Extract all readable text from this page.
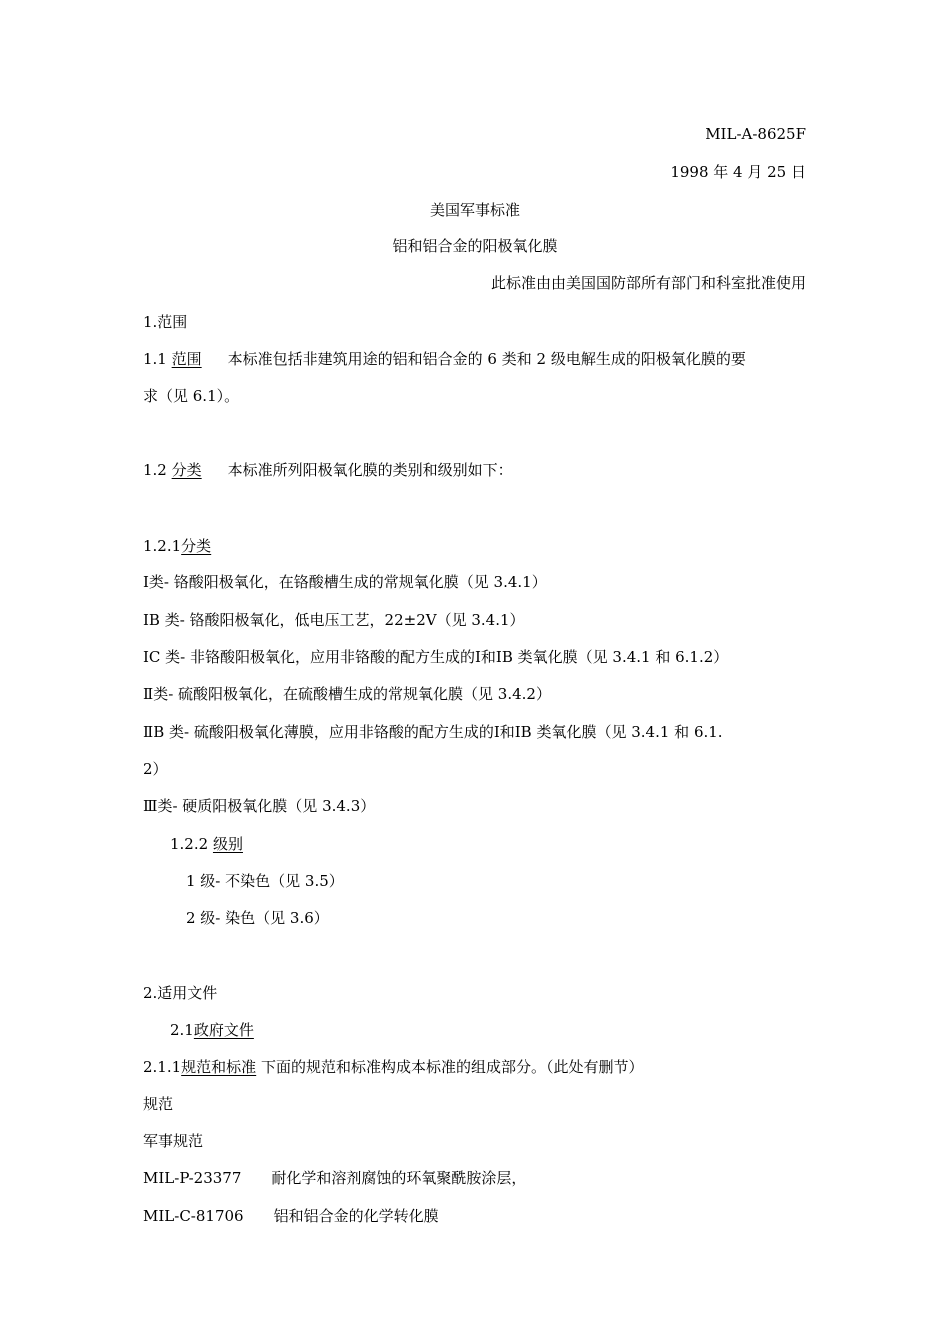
MIL-A-8625F
1998 年 4 月 25 日
美国军事标准
铝和铝合金的阳极氧化膜
此标准由由美国国防部所有部门和科室批准使用
1.范围
1.1 范围 本标准包括非建筑用途的铝和铝合金的 6 类和 2 级电解生成的阳极氧化膜的要
求（见 6.1）。
1.2 分类 本标准所列阳极氧化膜的类别和级别如下：
1.2.1分类
Ⅰ类- 铬酸阳极氧化，在铬酸槽生成的常规氧化膜（见 3.4.1）
ⅠB 类- 铬酸阳极氧化，低电压工艺，22±2V（见 3.4.1）
ⅠC 类- 非铬酸阳极氧化，应用非铬酸的配方生成的Ⅰ和ⅠB 类氧化膜（见 3.4.1 和 6.1.2）
Ⅱ类- 硫酸阳极氧化，在硫酸槽生成的常规氧化膜（见 3.4.2）
ⅡB 类- 硫酸阳极氧化薄膜，应用非铬酸的配方生成的Ⅰ和ⅠB 类氧化膜（见 3.4.1 和 6.1.
2）
Ⅲ类- 硬质阳极氧化膜（见 3.4.3）
1.2.2 级别
1 级- 不染色（见 3.5）
2 级- 染色（见 3.6）
2.适用文件
2.1政府文件
2.1.1规范和标准 下面的规范和标准构成本标准的组成部分。（此处有删节）
规范
军事规范
MIL-P-23377 耐化学和溶剂腐蚀的环氧聚酰胺涂层，
MIL-C-81706 铝和铝合金的化学转化膜
